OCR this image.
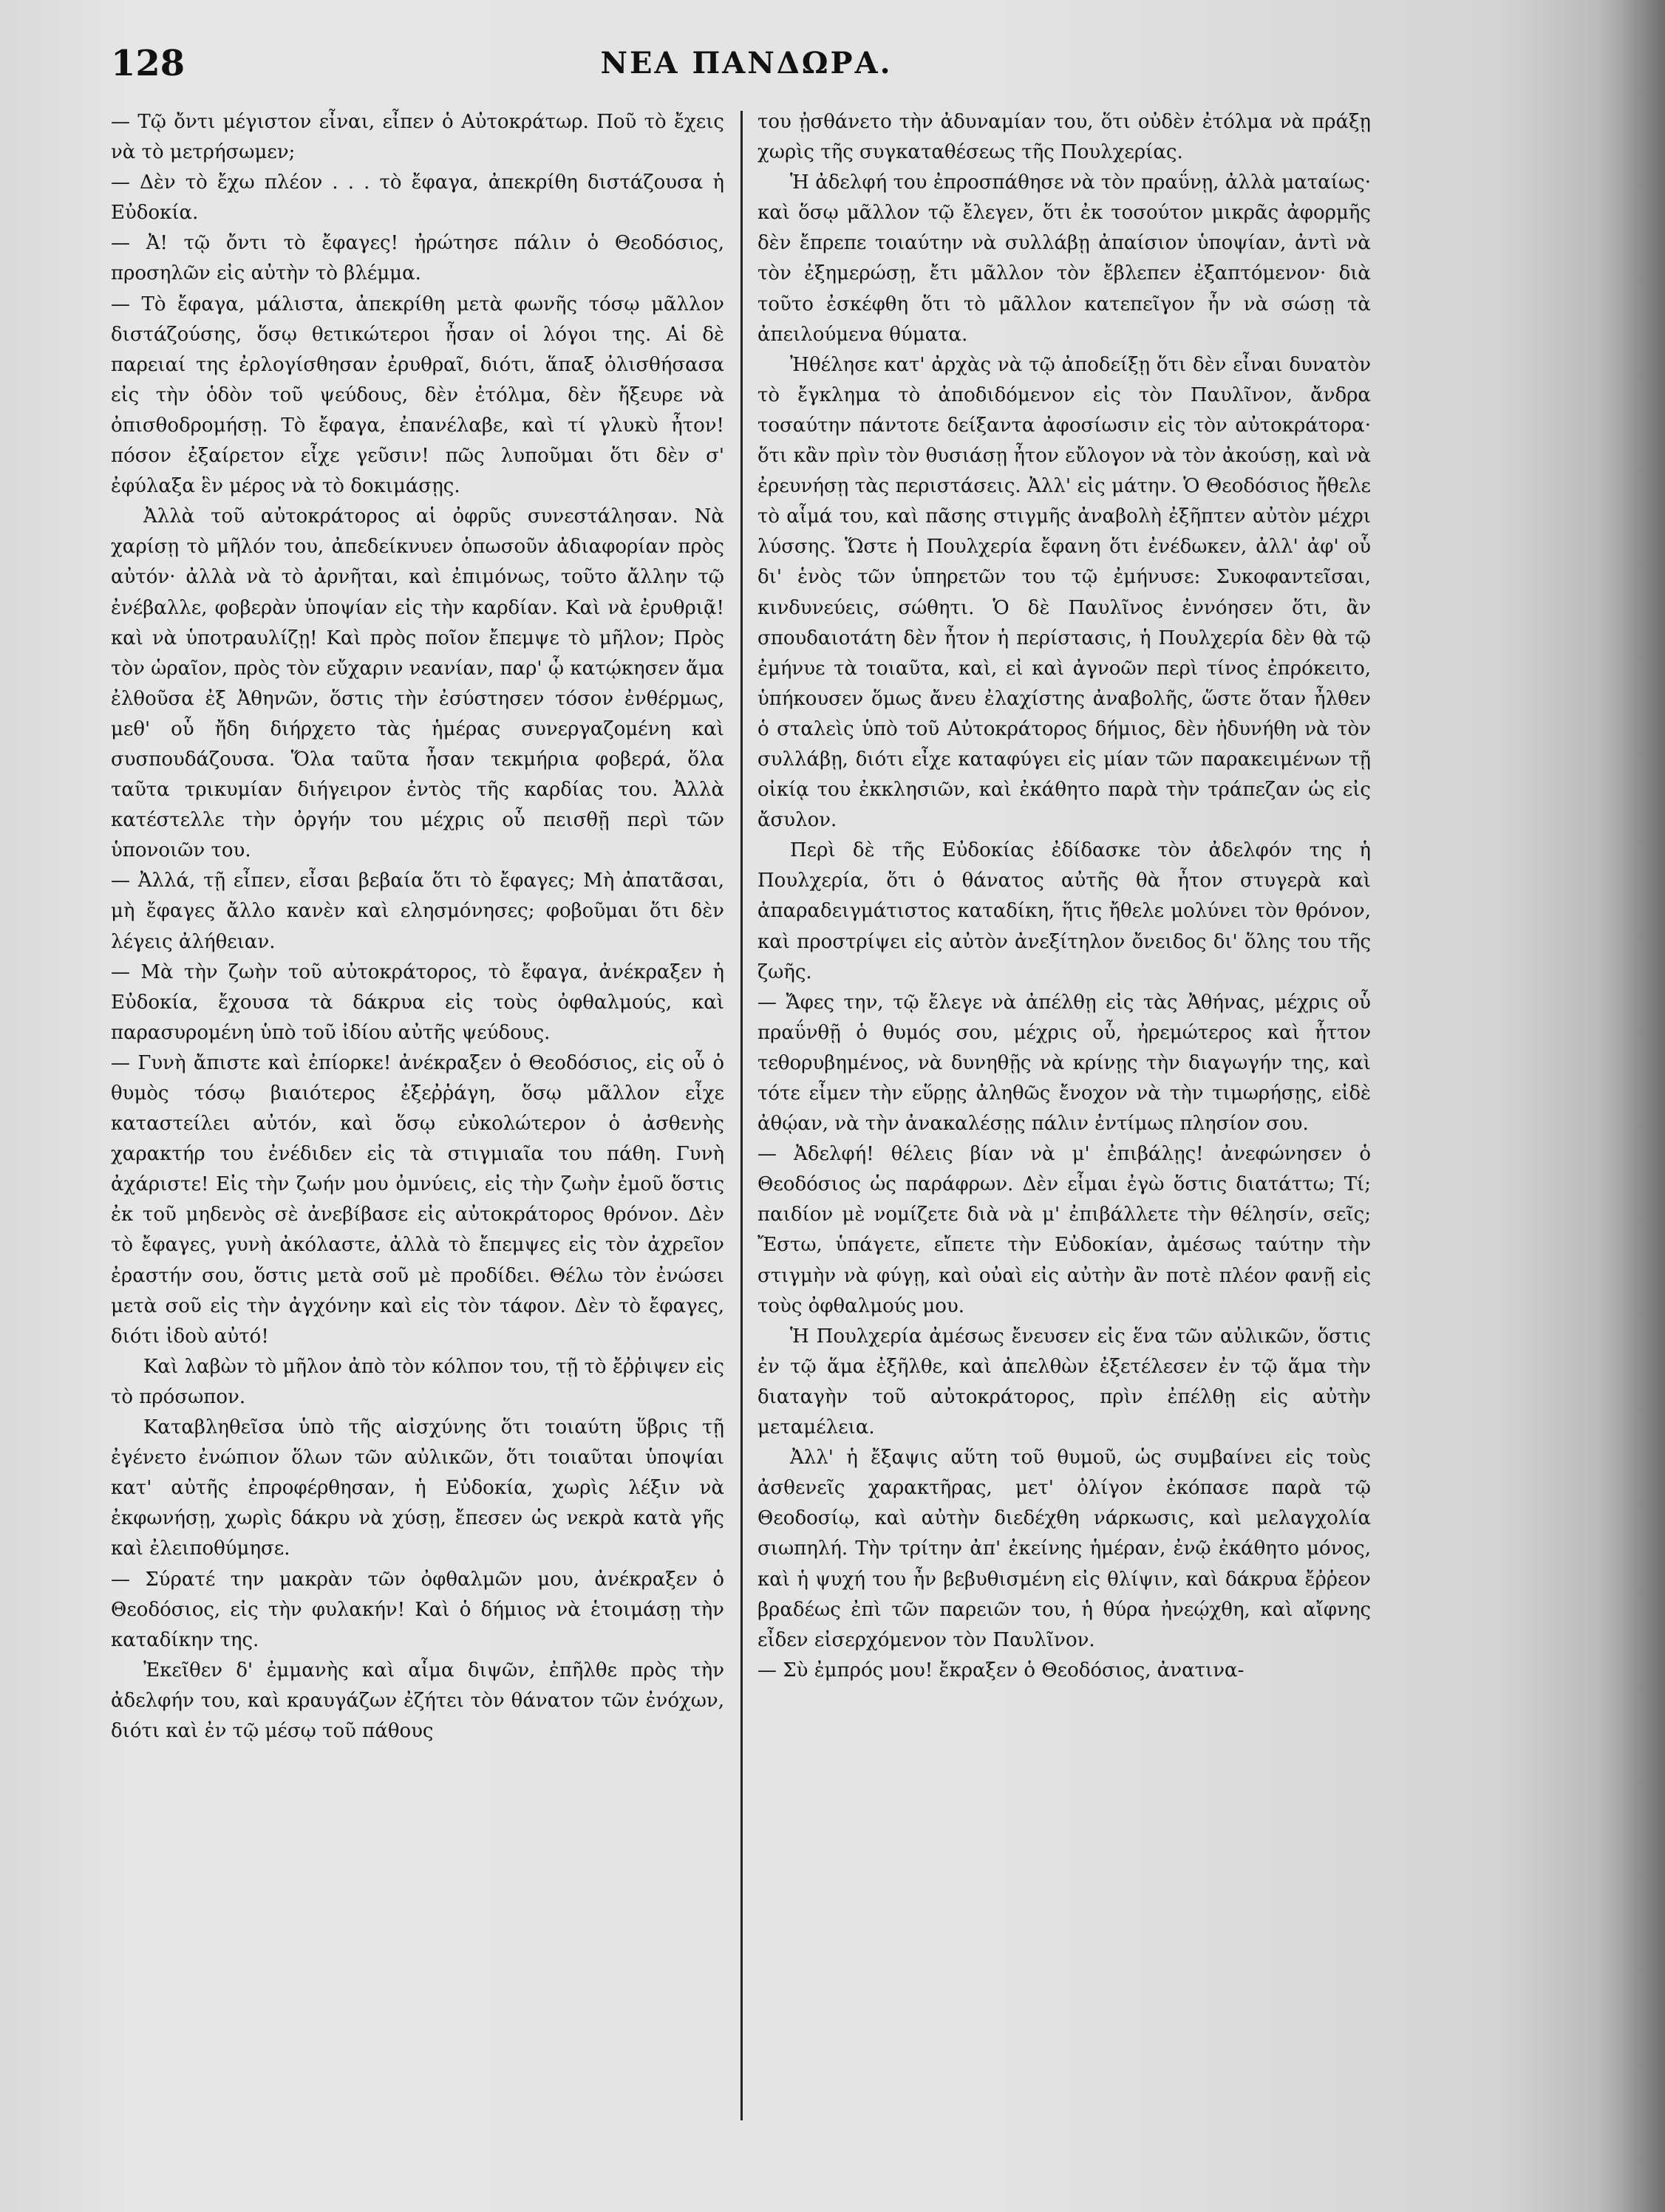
128	ΝΕΑ ΠΑΝΔΩΡΑ.

— Τῷ ὄντι μέγιστον εἶναι, εἶπεν ὁ Αὐτοκράτωρ. Ποῦ τὸ ἔχεις νὰ τὸ μετρήσωμεν;

— Δὲν τὸ ἔχω πλέον . . . τὸ ἔφαγα, ἀπεκρίθη διστάζουσα ἡ Εὐδοκία.

— Ἀ! τῷ ὄντι τὸ ἔφαγες! ἠρώτησε πάλιν ὁ Θεοδόσιος, προσηλῶν εἰς αὐτὴν τὸ βλέμμα.

— Τὸ ἔφαγα, μάλιστα, ἀπεκρίθη μετὰ φωνῆς τόσῳ μᾶλλον διστάζούσης, ὅσῳ θετικώτεροι ἦσαν οἱ λόγοι της. Αἱ δὲ παρειαί της ἐρλογίσθησαν ἐρυθραῖ, διότι, ἅπαξ ὀλισθήσασα εἰς τὴν ὁδὸν τοῦ ψεύδους, δὲν ἐτόλμα, δὲν ἤξευρε νὰ ὀπισθοδρομήσῃ. Τὸ ἔφαγα, ἐπανέλαβε, καὶ τί γλυκὺ ἦτον! πόσον ἐξαίρετον εἶχε γεῦσιν! πῶς λυποῦμαι ὅτι δὲν σ' ἐφύλαξα ἓν μέρος νὰ τὸ δοκιμάσῃς.

Ἀλλὰ τοῦ αὐτοκράτορος αἱ ὀφρῦς συνεστάλησαν. Νὰ χαρίσῃ τὸ μῆλόν του, ἀπεδείκνυεν ὁπωσοῦν ἀδιαφορίαν πρὸς αὐτόν· ἀλλὰ νὰ τὸ ἀρνῆται, καὶ ἐπιμόνως, τοῦτο ἄλλην τῷ ἐνέβαλλε, φοβερὰν ὑποψίαν εἰς τὴν καρδίαν. Καὶ νὰ ἐρυθριᾷ! καὶ νὰ ὑποτραυλίζῃ! Καὶ πρὸς ποῖον ἔπεμψε τὸ μῆλον; Πρὸς τὸν ὡραῖον, πρὸς τὸν εὔχαριν νεανίαν, παρ' ᾧ κατῴκησεν ἅμα ἐλθοῦσα ἐξ Ἀθηνῶν, ὅστις τὴν ἐσύστησεν τόσον ἐνθέρμως, μεθ' οὗ ἤδη διήρχετο τὰς ἡμέρας συνεργαζομένη καὶ συσπουδάζουσα. Ὅλα ταῦτα ἦσαν τεκμήρια φοβερά, ὅλα ταῦτα τρικυμίαν διήγειρον ἐντὸς τῆς καρδίας του. Ἀλλὰ κατέστελλε τὴν ὀργήν του μέχρις οὗ πεισθῇ περὶ τῶν ὑπονοιῶν του.

— Ἀλλά, τῇ εἶπεν, εἶσαι βεβαία ὅτι τὸ ἔφαγες; Μὴ ἀπατᾶσαι, μὴ ἔφαγες ἄλλο κανὲν καὶ ελησμόνησες; φοβοῦμαι ὅτι δὲν λέγεις ἀλήθειαν.

— Μὰ τὴν ζωὴν τοῦ αὐτοκράτορος, τὸ ἔφαγα, ἀνέκραξεν ἡ Εὐδοκία, ἔχουσα τὰ δάκρυα εἰς τοὺς ὀφθαλμούς, καὶ παρασυρομένη ὑπὸ τοῦ ἰδίου αὐτῆς ψεύδους.

— Γυνὴ ἄπιστε καὶ ἐπίορκε! ἀνέκραξεν ὁ Θεοδόσιος, εἰς οὗ ὁ θυμὸς τόσῳ βιαιότερος ἐξεῤῥάγη, ὅσῳ μᾶλλον εἶχε καταστείλει αὐτόν, καὶ ὅσῳ εὐκολώτερον ὁ ἀσθενὴς χαρακτήρ του ἐνέδιδεν εἰς τὰ στιγμιαῖα του πάθη. Γυνὴ ἀχάριστε! Εἰς τὴν ζωήν μου ὀμνύεις, εἰς τὴν ζωὴν ἐμοῦ ὅστις ἐκ τοῦ μηδενὸς σὲ ἀνεβίβασε εἰς αὐτοκράτορος θρόνον. Δὲν τὸ ἔφαγες, γυνὴ ἀκόλαστε, ἀλλὰ τὸ ἔπεμψες εἰς τὸν ἀχρεῖον ἐραστήν σου, ὅστις μετὰ σοῦ μὲ προδίδει. Θέλω τὸν ἐνώσει μετὰ σοῦ εἰς τὴν ἀγχόνην καὶ εἰς τὸν τάφον. Δὲν τὸ ἔφαγες, διότι ἰδοὺ αὐτό!

Καὶ λαβὼν τὸ μῆλον ἀπὸ τὸν κόλπον του, τῇ τὸ ἔῤῥιψεν εἰς τὸ πρόσωπον.

Καταβληθεῖσα ὑπὸ τῆς αἰσχύνης ὅτι τοιαύτη ὕβρις τῇ ἐγένετο ἐνώπιον ὅλων τῶν αὐλικῶν, ὅτι τοιαῦται ὑποψίαι κατ' αὐτῆς ἐπροφέρθησαν, ἡ Εὐδοκία, χωρὶς λέξιν νὰ ἐκφωνήσῃ, χωρὶς δάκρυ νὰ χύσῃ, ἔπεσεν ὡς νεκρὰ κατὰ γῆς καὶ ἐλειποθύμησε.

— Σύρατέ την μακρὰν τῶν ὀφθαλμῶν μου, ἀνέκραξεν ὁ Θεοδόσιος, εἰς τὴν φυλακήν! Καὶ ὁ δήμιος νὰ ἑτοιμάσῃ τὴν καταδίκην της.

Ἐκεῖθεν δ' ἐμμανὴς καὶ αἷμα διψῶν, ἐπῆλθε πρὸς τὴν ἀδελφήν του, καὶ κραυγάζων ἐζήτει τὸν θάνατον τῶν ἐνόχων, διότι καὶ ἐν τῷ μέσῳ τοῦ πάθους

του ᾐσθάνετο τὴν ἀδυναμίαν του, ὅτι οὐδὲν ἐτόλμα νὰ πράξῃ χωρὶς τῆς συγκαταθέσεως τῆς Πουλχερίας.

Ἡ ἀδελφή του ἐπροσπάθησε νὰ τὸν πραΰνῃ, ἀλλὰ ματαίως· καὶ ὅσῳ μᾶλλον τῷ ἔλεγεν, ὅτι ἐκ τοσούτον μικρᾶς ἀφορμῆς δὲν ἔπρεπε τοιαύτην νὰ συλλάβῃ ἀπαίσιον ὑποψίαν, ἀντὶ νὰ τὸν ἐξημερώσῃ, ἔτι μᾶλλον τὸν ἔβλεπεν ἐξαπτόμενον· διὰ τοῦτο ἐσκέφθη ὅτι τὸ μᾶλλον κατεπεῖγον ἦν νὰ σώσῃ τὰ ἀπειλούμενα θύματα.

Ἠθέλησε κατ' ἀρχὰς νὰ τῷ ἀποδείξῃ ὅτι δὲν εἶναι δυνατὸν τὸ ἔγκλημα τὸ ἀποδιδόμενον εἰς τὸν Παυλῖνον, ἄνδρα τοσαύτην πάντοτε δείξαντα ἀφοσίωσιν εἰς τὸν αὐτοκράτορα· ὅτι κἂν πρὶν τὸν θυσιάσῃ ἦτον εὔλογον νὰ τὸν ἀκούσῃ, καὶ νὰ ἐρευνήσῃ τὰς περιστάσεις. Ἀλλ' εἰς μάτην. Ὁ Θεοδόσιος ἤθελε τὸ αἷμά του, καὶ πᾶσης στιγμῆς ἀναβολὴ ἐξῆπτεν αὐτὸν μέχρι λύσσης. Ὥστε ἡ Πουλχερία ἔφανη ὅτι ἐνέδωκεν, ἀλλ' ἀφ' οὗ δι' ἑνὸς τῶν ὑπηρετῶν του τῷ ἐμήνυσε: Συκοφαντεῖσαι, κινδυνεύεις, σώθητι. Ὁ δὲ Παυλῖνος ἐννόησεν ὅτι, ἂν σπουδαιοτάτη δὲν ἦτον ἡ περίστασις, ἡ Πουλχερία δὲν θὰ τῷ ἐμήνυε τὰ τοιαῦτα, καὶ, εἰ καὶ ἀγνοῶν περὶ τίνος ἐπρόκειτο, ὑπήκουσεν ὅμως ἄνευ ἐλαχίστης ἀναβολῆς, ὥστε ὅταν ἦλθεν ὁ σταλεὶς ὑπὸ τοῦ Αὐτοκράτορος δήμιος, δὲν ἠδυνήθη νὰ τὸν συλλάβῃ, διότι εἶχε καταφύγει εἰς μίαν τῶν παρακειμένων τῇ οἰκίᾳ του ἐκκλησιῶν, καὶ ἐκάθητο παρὰ τὴν τράπεζαν ὡς εἰς ἄσυλον.

Περὶ δὲ τῆς Εὐδοκίας ἐδίδασκε τὸν ἀδελφόν της ἡ Πουλχερία, ὅτι ὁ θάνατος αὐτῆς θὰ ἦτον στυγερὰ καὶ ἀπαραδειγμάτιστος καταδίκη, ἥτις ἤθελε μολύνει τὸν θρόνον, καὶ προστρίψει εἰς αὐτὸν ἀνεξίτηλον ὄνειδος δι' ὅλης του τῆς ζωῆς.

— Ἄφες την, τῷ ἔλεγε νὰ ἀπέλθῃ εἰς τὰς Ἀθήνας, μέχρις οὗ πραΰνθῇ ὁ θυμός σου, μέχρις οὗ, ἠρεμώτερος καὶ ἧττον τεθορυβημένος, νὰ δυνηθῇς νὰ κρίνῃς τὴν διαγωγήν της, καὶ τότε εἶμεν τὴν εὕρῃς ἀληθῶς ἔνοχον νὰ τὴν τιμωρήσῃς, εἰδὲ ἀθῴαν, νὰ τὴν ἀνακαλέσῃς πάλιν ἐντίμως πλησίον σου.

— Ἀδελφή! θέλεις βίαν νὰ μ' ἐπιβάλῃς! ἀνεφώνησεν ὁ Θεοδόσιος ὡς παράφρων. Δὲν εἶμαι ἐγὼ ὅστις διατάττω; Τί; παιδίον μὲ νομίζετε διὰ νὰ μ' ἐπιβάλλετε τὴν θέλησίν, σεῖς; Ἔστω, ὑπάγετε, εἴπετε τὴν Εὐδοκίαν, ἀμέσως ταύτην τὴν στιγμὴν νὰ φύγῃ, καὶ οὐαὶ εἰς αὐτὴν ἂν ποτὲ πλέον φανῇ εἰς τοὺς ὀφθαλμούς μου.

Ἡ Πουλχερία ἀμέσως ἔνευσεν εἰς ἕνα τῶν αὐλικῶν, ὅστις ἐν τῷ ἅμα ἐξῆλθε, καὶ ἀπελθὼν ἐξετέλεσεν ἐν τῷ ἅμα τὴν διαταγὴν τοῦ αὐτοκράτορος, πρὶν ἐπέλθῃ εἰς αὐτὴν μεταμέλεια.

Ἀλλ' ἡ ἔξαψις αὕτη τοῦ θυμοῦ, ὡς συμβαίνει εἰς τοὺς ἀσθενεῖς χαρακτῆρας, μετ' ὀλίγον ἐκόπασε παρὰ τῷ Θεοδοσίῳ, καὶ αὐτὴν διεδέχθη νάρκωσις, καὶ μελαγχολία σιωπηλή. Τὴν τρίτην ἀπ' ἐκείνης ἡμέραν, ἐνῷ ἐκάθητο μόνος, καὶ ἡ ψυχή του ἦν βεβυθισμένη εἰς θλίψιν, καὶ δάκρυα ἔῤῥεον βραδέως ἐπὶ τῶν παρειῶν του, ἡ θύρα ἠνεῴχθη, καὶ αἴφνης εἶδεν εἰσερχόμενον τὸν Παυλῖνον.

— Σὺ ἐμπρός μου! ἔκραξεν ὁ Θεοδόσιος, ἀνατινα-
